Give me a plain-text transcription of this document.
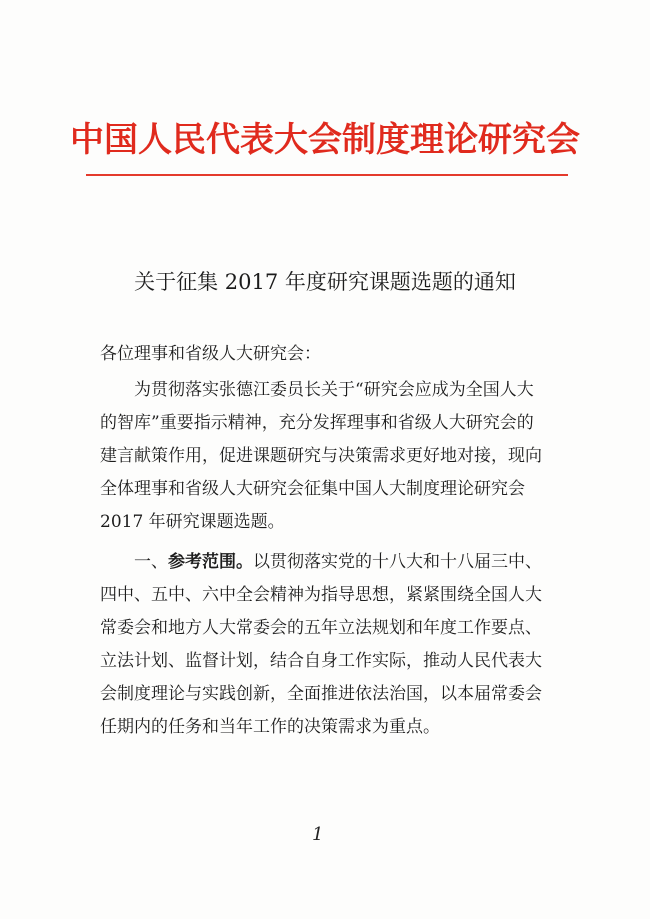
中国人民代表大会制度理论研究会
关于征集 2017 年度研究课题选题的通知
各位理事和省级人大研究会：

为贯彻落实张德江委员长关于“研究会应成为全国人大

的智库”重要指示精神，充分发挥理事和省级人大研究会的

建言献策作用，促进课题研究与决策需求更好地对接，现向

全体理事和省级人大研究会征集中国人大制度理论研究会

2017 年研究课题选题。

一、参考范围。以贯彻落实党的十八大和十八届三中、

四中、五中、六中全会精神为指导思想，紧紧围绕全国人大

常委会和地方人大常委会的五年立法规划和年度工作要点、

立法计划、监督计划，结合自身工作实际，推动人民代表大

会制度理论与实践创新，全面推进依法治国，以本届常委会

任期内的任务和当年工作的决策需求为重点。

1
